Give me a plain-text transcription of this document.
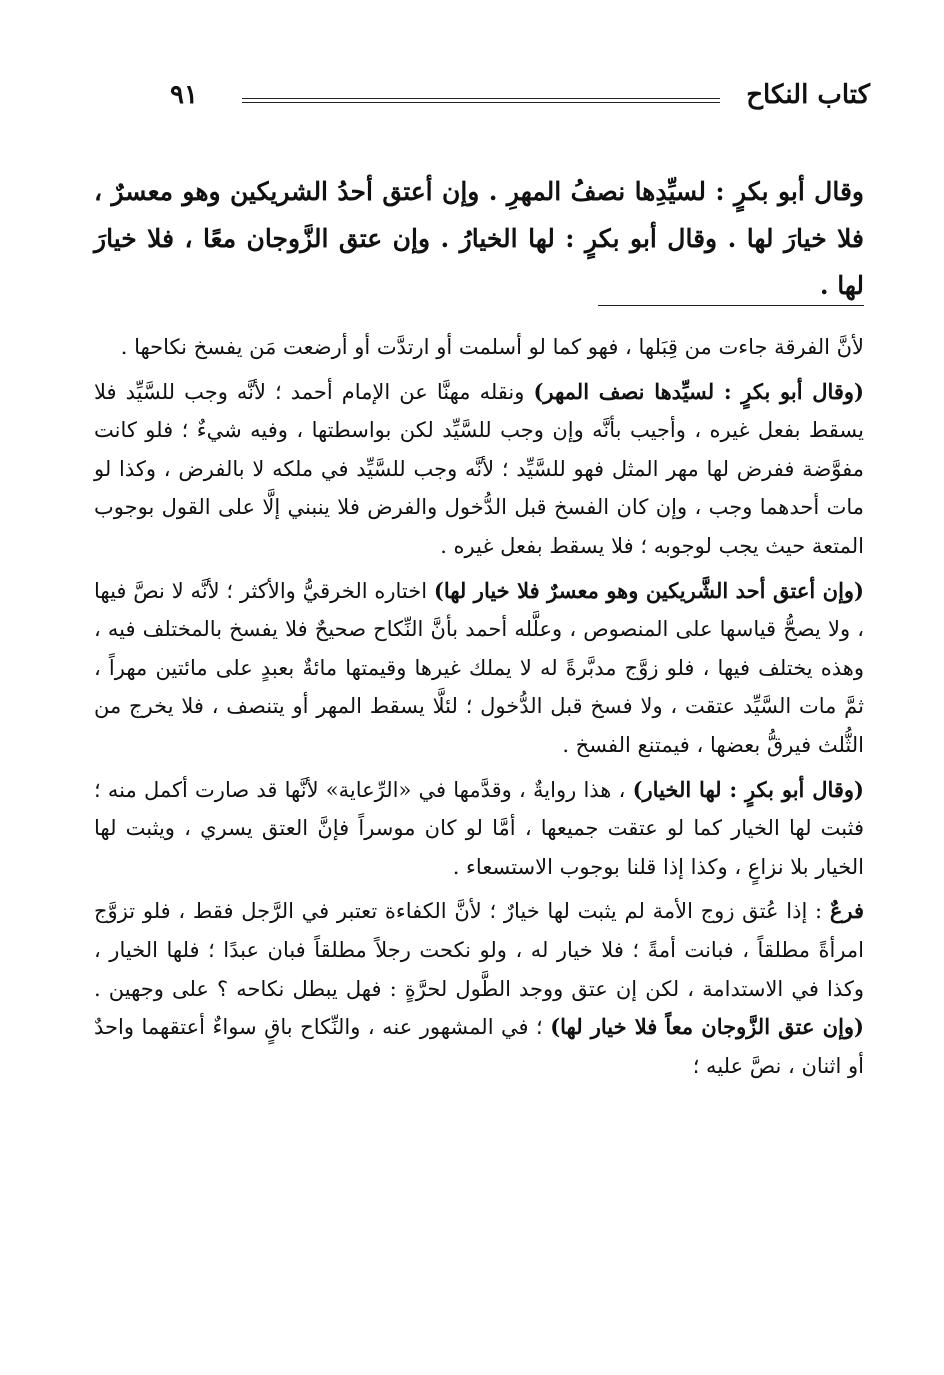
كتاب النكاح
٩١
وقال أبو بكرٍ : لسيِّدِها نصفُ المهرِ . وإن أعتق أحدُ الشريكين وهو معسرٌ ، فلا خيارَ لها . وقال أبو بكرٍ : لها الخيارُ . وإن عتق الزَّوجان معًا ، فلا خيارَ لها .

لأنَّ الفرقة جاءت من قِبَلها ، فهو كما لو أسلمت أو ارتدَّت أو أرضعت مَن يفسخ نكاحها .

(وقال أبو بكرٍ : لسيِّدها نصف المهر) ونقله مهنَّا عن الإمام أحمد ؛ لأنَّه وجب للسَّيِّد فلا يسقط بفعل غيره ، وأجيب بأنَّه وإن وجب للسَّيِّد لكن بواسطتها ، وفيه شيءٌ ؛ فلو كانت مفوَّضة ففرض لها مهر المثل فهو للسَّيِّد ؛ لأنَّه وجب للسَّيِّد في ملكه لا بالفرض ، وكذا لو مات أحدهما وجب ، وإن كان الفسخ قبل الدُّخول والفرض فلا ينبني إلَّا على القول بوجوب المتعة حيث يجب لوجوبه ؛ فلا يسقط بفعل غيره .

(وإن أعتق أحد الشَّريكين وهو معسرٌ فلا خيار لها) اختاره الخرقيُّ والأكثر ؛ لأنَّه لا نصَّ فيها ، ولا يصحُّ قياسها على المنصوص ، وعلَّله أحمد بأنَّ النِّكاح صحيحٌ فلا يفسخ بالمختلف فيه ، وهذه يختلف فيها ، فلو زوَّج مدبَّرةً له لا يملك غيرها وقيمتها مائةٌ بعبدٍ على مائتين مهراً ، ثمَّ مات السَّيِّد عتقت ، ولا فسخ قبل الدُّخول ؛ لئلَّا يسقط المهر أو يتنصف ، فلا يخرج من الثُّلث فيرقُّ بعضها ، فيمتنع الفسخ .

(وقال أبو بكرٍ : لها الخيار) ، هذا روايةٌ ، وقدَّمها في «الرِّعاية» لأنَّها قد صارت أكمل منه ؛ فثبت لها الخيار كما لو عتقت جميعها ، أمَّا لو كان موسراً فإنَّ العتق يسري ، ويثبت لها الخيار بلا نزاعٍ ، وكذا إذا قلنا بوجوب الاستسعاء .

فرعٌ : إذا عُتق زوج الأمة لم يثبت لها خيارٌ ؛ لأنَّ الكفاءة تعتبر في الرَّجل فقط ، فلو تزوَّج امرأةً مطلقاً ، فبانت أمةً ؛ فلا خيار له ، ولو نكحت رجلاً مطلقاً فبان عبدًا ؛ فلها الخيار ، وكذا في الاستدامة ، لكن إن عتق ووجد الطَّول لحرَّةٍ : فهل يبطل نكاحه ؟ على وجهين . (وإن عتق الزَّوجان معاً فلا خيار لها) ؛ في المشهور عنه ، والنِّكاح باقٍ سواءٌ أعتقهما واحدٌ أو اثنان ، نصَّ عليه ؛
